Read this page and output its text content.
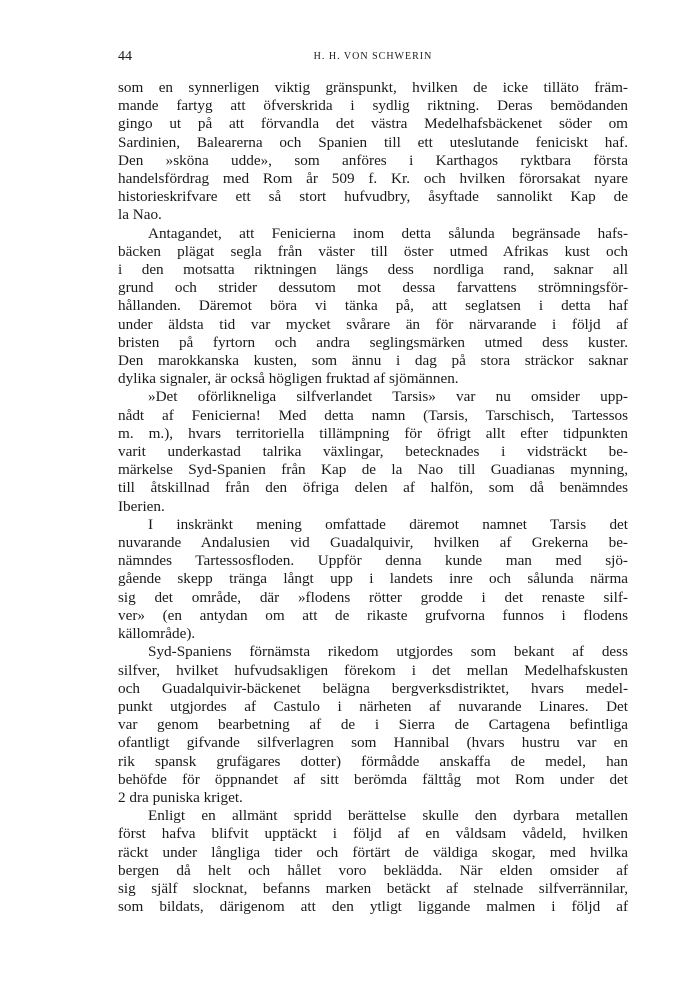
44	H. H. VON SCHWERIN

som en synnerligen viktig gränspunkt, hvilken de icke tilläto främ-
mande fartyg att öfverskrida i sydlig riktning. Deras bemödanden
gingo ut på att förvandla det västra Medelhafsbäckenet söder om
Sardinien, Balearerna och Spanien till ett uteslutande feniciskt haf.
Den »sköna udde», som anföres i Karthagos ryktbara första
handelsfördrag med Rom år 509 f. Kr. och hvilken förorsakat nyare
historieskrifvare ett så stort hufvudbry, åsyftade sannolikt Kap de
la Nao.

Antagandet, att Fenicierna inom detta sålunda begränsade hafs-
bäcken plägat segla från väster till öster utmed Afrikas kust och
i den motsatta riktningen längs dess nordliga rand, saknar all
grund och strider dessutom mot dessa farvattens strömningsför-
hållanden. Däremot böra vi tänka på, att seglatsen i detta haf
under äldsta tid var mycket svårare än för närvarande i följd af
bristen på fyrtorn och andra seglingsmärken utmed dess kuster.
Den marokkanska kusten, som ännu i dag på stora sträckor saknar
dylika signaler, är också högligen fruktad af sjömännen.

»Det oförlikneliga silfverlandet Tarsis» var nu omsider upp-
nådt af Fenicierna! Med detta namn (Tarsis, Tarschisch, Tartessos
m. m.), hvars territoriella tillämpning för öfrigt allt efter tidpunkten
varit underkastad talrika växlingar, betecknades i vidsträckt be-
märkelse Syd-Spanien från Kap de la Nao till Guadianas mynning,
till åtskillnad från den öfriga delen af halfön, som då benämndes
Iberien.

I inskränkt mening omfattade däremot namnet Tarsis det
nuvarande Andalusien vid Guadalquivir, hvilken af Grekerna be-
nämndes Tartessosfloden. Uppför denna kunde man med sjö-
gående skepp tränga långt upp i landets inre och sålunda närma
sig det område, där »flodens rötter grodde i det renaste silf-
ver» (en antydan om att de rikaste grufvorna funnos i flodens
källområde).

Syd-Spaniens förnämsta rikedom utgjordes som bekant af dess
silfver, hvilket hufvudsakligen förekom i det mellan Medelhafskusten
och Guadalquivir-bäckenet belägna bergverksdistriktet, hvars medel-
punkt utgjordes af Castulo i närheten af nuvarande Linares. Det
var genom bearbetning af de i Sierra de Cartagena befintliga
ofantligt gifvande silfverlagren som Hannibal (hvars hustru var en
rik spansk grufägares dotter) förmådde anskaffa de medel, han
behöfde för öppnandet af sitt berömda fälttåg mot Rom under det
2 dra puniska kriget.

Enligt en allmänt spridd berättelse skulle den dyrbara metallen
först hafva blifvit upptäckt i följd af en våldsam vådeld, hvilken
räckt under långliga tider och förtärt de väldiga skogar, med hvilka
bergen då helt och hållet voro beklädda. När elden omsider af
sig själf slocknat, befanns marken betäckt af stelnade silfverrännilar,
som bildats, därigenom att den ytligt liggande malmen i följd af
